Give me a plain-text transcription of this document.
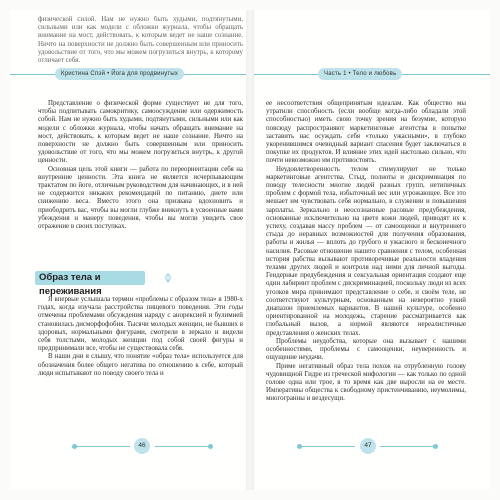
физической силой. Нам не нужно быть худыми, подтянутыми, сильными или как модели с обложки журнала, чтобы обращать внимание на мост, действовать, к которым ведет не наше сознание. Ничто на поверхности не должно быть совершенным или приносить удовольствие от того, что мы можем погрузиться внутрь, к которому отличает себя.
Кристина Спэй • Йога для продвинутых

Представление о физической форме существует не для того, чтобы подпитывать самокритику, самоосуждение или одержимость собой. Нам не нужно быть худыми, подтянутыми, сильными или как модели с обложки журнала, чтобы начать обращать внимание на мост, действовать, к которым ведет не наше сознание. Ничто на поверхности не должно быть совершенным или приносить удовольствие от того, что мы можем погрузиться внутрь, к другой ценности.

Основная цель этой книги — работа по переориентации себя на внутренние ценности. Эта книга не является исчерпывающим трактатом по йоге, отличным руководством для начинающих, и в ней не содержится никаких рекомендаций по питанию, диете или снижению веса. Вместо этого она призвана вдохновить и приободрить вас, чтобы вы могли глубже вникнуть в усвоенные вами убеждения и манеру поведения, чтобы вы могли увидеть свое отражение в своих поступках.

Образ тела и переживания

Я впервые услышала термин «проблемы с образом тела» в 1980-х годах, когда изучала расстройства пищевого поведения. Эти годы отмечены проблемами обсуждения наряду с анорексией и булимией становилась дисморфофобия. Тысячи молодых женщин, не бывших в здоровых, нормальными фигурами, смотрели в зеркало и видели себя толстыми, молодых женщин под собой своей фигуры и предпринимали все, чтобы не существовала себя.

В наши дни я слышу, что понятие «образ тела» используется для обозначения более общего негатива по отношению к себе, который люди испытывают по поводу своего тела и

46
Часть 1 • Тело и любовь

ее несоответствия общепринятым идеалам. Как общество мы утратили способность (если вообще когда-либо обладали этой способностью) иметь свою точку зрения на безумие, которую повсюду распространяют маркетинговые агентства в попытке заставить нас осуждать себя «только ужасными», в глубоко укоренившимся очевидный вариант спасения будет заключаться в покупке их продуктов. И влияние этих идей настолько сильно, что почти невозможно им противостоять.

Неудовлетворенность телом стимулируют не только маркетинговые агентства. Стыд, полноты и дискриминация по поводу телесности многие людей разных групп, нетипичных проблем с формой тела, избыточный вес или угрожающее. Все это мешает им чувствовать себя нормально, в служении и повышения зарплаты. Зеркально и неосознанные расовые предубеждения, основанные исключительно на цвете кожи людей, приводят их к успеху, создавая массу проблем — от самооценки и внутреннего стыда до неравных возможностей для получения образования, работы и жилья — вплоть до грубого и ужасного и бесконечного насилия. Расовые отношение нашего сравнения с телом, особенная история рабства вызывают противоречивые реальности владения телами других людей и контроля над ними для личной выгоды. Гендерные предубеждения и сексуальная ориентация создают еще один лабиринт проблем с дискриминацией, поскольку люди из всех уголков мира принимают представление о себе, и своём теле, не соответствуют культурным, основанным на невероятно узкий диапазон приемлемых вариантов. В нашей культуре, особенно ориентированной на молодежь, старение рассматривается как глобальный вызов, а нормой являются нереалистичные представления о женских телах.

Проблемы неудобства, которые она вызывает с нашими особенностями, проблемы с самооценки, неуверенность и ощущение неудачи.

Приме негативный образ тела похож на отрубленную голову чудовищной Гидре из греческой мифологии — как только по одной голове одна или трое, в то время как две выросли на ее месте. Императивы общества к свободному пристенчиванию, неумолимы, многогранны и вездесущи.

47
